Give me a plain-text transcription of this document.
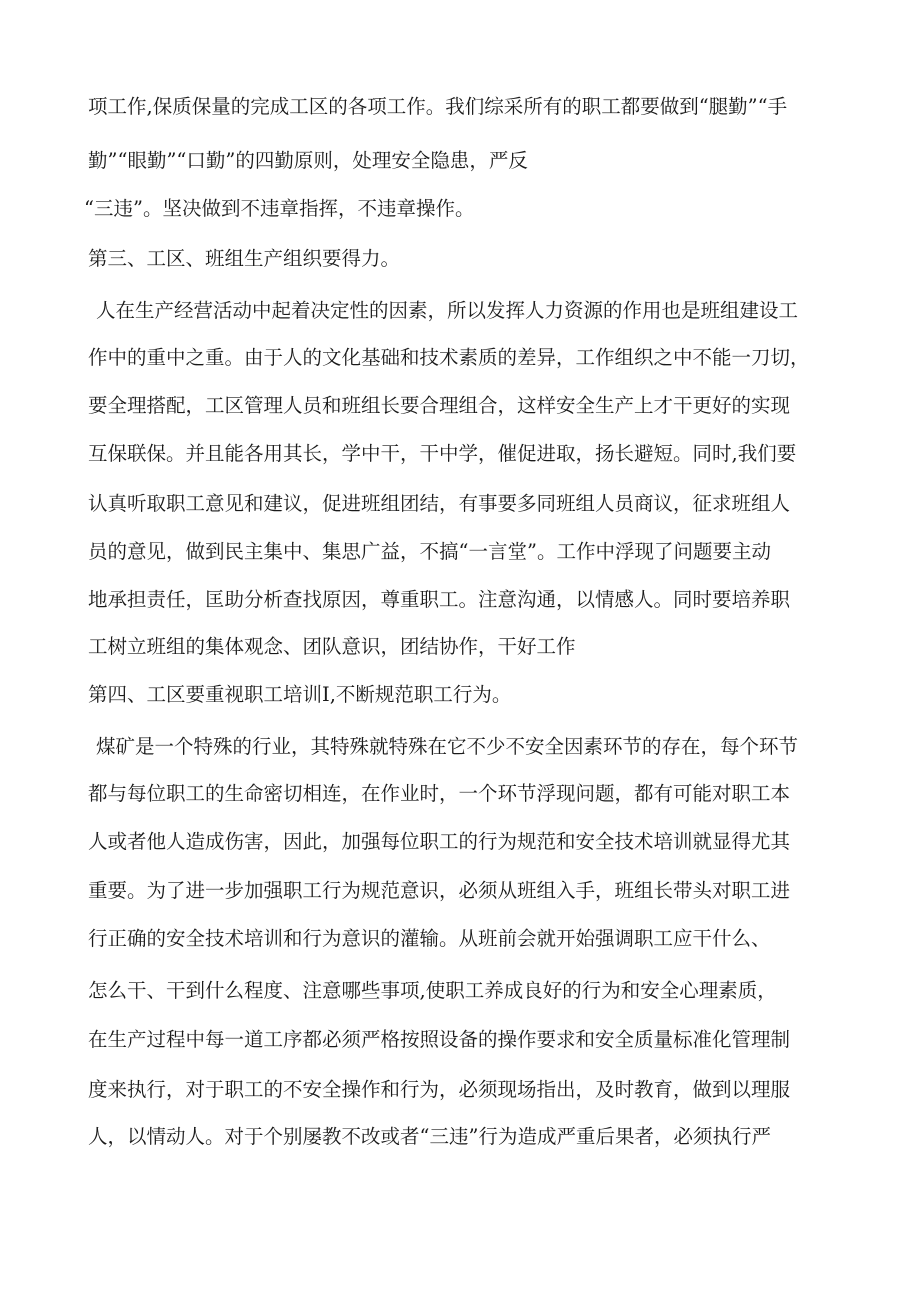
项工作,保质保量的完成工区的各项工作。我们综采所有的职工都要做到“腿勤”“手
勤”“眼勤”“口勤”的四勤原则，处理安全隐患，严反
“三违”。坚决做到不违章指挥，不违章操作。
第三、工区、班组生产组织要得力。
人在生产经营活动中起着决定性的因素，所以发挥人力资源的作用也是班组建设工
作中的重中之重。由于人的文化基础和技术素质的差异，工作组织之中不能一刀切，
要全理搭配，工区管理人员和班组长要合理组合，这样安全生产上才干更好的实现
互保联保。并且能各用其长，学中干，干中学，催促进取，扬长避短。同时,我们要
认真听取职工意见和建议，促进班组团结，有事要多同班组人员商议，征求班组人
员的意见，做到民主集中、集思广益，不搞“一言堂”。工作中浮现了问题要主动
地承担责任，匡助分析查找原因，尊重职工。注意沟通，以情感人。同时要培养职
工树立班组的集体观念、团队意识，团结协作，干好工作
第四、工区要重视职工培训I,不断规范职工行为。
煤矿是一个特殊的行业，其特殊就特殊在它不少不安全因素环节的存在，每个环节
都与每位职工的生命密切相连，在作业时，一个环节浮现问题，都有可能对职工本
人或者他人造成伤害，因此，加强每位职工的行为规范和安全技术培训就显得尤其
重要。为了进一步加强职工行为规范意识，必须从班组入手，班组长带头对职工进
行正确的安全技术培训和行为意识的灌输。从班前会就开始强调职工应干什么、
怎么干、干到什么程度、注意哪些事项,使职工养成良好的行为和安全心理素质，
在生产过程中每一道工序都必须严格按照设备的操作要求和安全质量标准化管理制
度来执行，对于职工的不安全操作和行为，必须现场指出，及时教育，做到以理服
人，以情动人。对于个别屡教不改或者“三违”行为造成严重后果者，必须执行严
